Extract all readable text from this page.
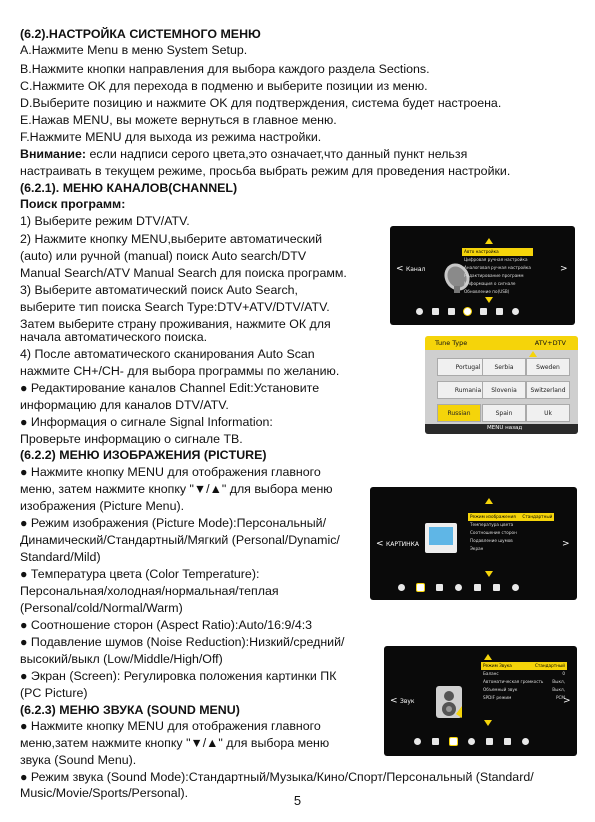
(6.2).НАСТРОЙКА СИСТЕМНОГО МЕНЮ
A.Нажмите Menu в меню System Setup.
B.Нажмите кнопки направления для выбора каждого раздела Sections.
C.Нажмите OK для перехода в подменю и выберите позиции из меню.
D.Выберите позицию и нажмите OK для подтверждения, система будет настроена.
E.Нажав MENU, вы можете вернуться в главное меню.
F.Нажмите MENU для выхода из режима настройки.
Внимание: если надписи серого цвета,это означает,что данный пункт нельзя
настраивать в текущем режиме, просьба выбрать режим для проведения настройки.
(6.2.1). МЕНЮ КАНАЛОВ(CHANNEL)
Поиск программ:
1) Выберите режим DTV/ATV.
2) Нажмите кнопку MENU,выберите автоматический
(auto) или ручной (manual) поиск Auto search/DTV
Manual Search/ATV Manual Search для поиска программ.
3) Выберите автоматический поиск Auto Search,
выберите тип поиска Search Type:DTV+ATV/DTV/ATV.
Затем выберите страну проживания, нажмите ОК для
начала автоматического поиска.
4) После автоматического сканирования Auto Scan
нажмите CH+/CH- для выбора программы по желанию.
● Редактирование каналов Channel Edit:Установите
информацию для каналов DTV/ATV.
● Информация о сигнале Signal Information:
Проверьте информацию о сигнале ТВ.
(6.2.2) МЕНЮ ИЗОБРАЖЕНИЯ (PICTURE)
● Нажмите кнопку MENU для отображения главного
меню, затем нажмите кнопку "▼/▲" для выбора меню
изображения (Picture Menu).
● Режим изображения (Picture Mode):Персональный/
Динамический/Стандартный/Мягкий (Personal/Dynamic/
Standard/Mild)
● Температура цвета (Color Temperature):
Персональная/холодная/нормальная/теплая
(Personal/cold/Normal/Warm)
● Соотношение сторон (Aspect Ratio):Auto/16:9/4:3
● Подавление шумов (Noise Reduction):Низкий/средний/
высокий/выкл (Low/Middle/High/Off)
● Экран (Screen): Регулировка положения картинки ПК
(PC Picture)
(6.2.3) МЕНЮ ЗВУКА (SOUND MENU)
● Нажмите кнопку MENU для отображения главного
меню,затем нажмите кнопку "▼/▲" для выбора меню
звука (Sound Menu).
● Режим звука (Sound Mode):Стандартный/Музыка/Кино/Спорт/Персональный (Standard/
Music/Movie/Sports/Personal).
< Канал
Авто настройка
Цифровая ручная настройка
Аналоговая ручная настройка
Редактирование программ
Информация о сигнале
Обновление по(USB)
>
Tune Type	ATV+DTV
Portugal	Serbia	Sweden
Rumania	Slovenia	Switzerland
Russian	Spain	Uk
MENU назад
< КАРТИНКА
Режим изображения Стандартный
Температура цвета
Соотношение сторон
Подавление шумов
Экран	>
< Звук
Режим Звука	Стандартный
Баланс	0
Автоматическая громкость Выкл,
Объемный звук	Выкл,
SPDIF режим	PCM
>
5
